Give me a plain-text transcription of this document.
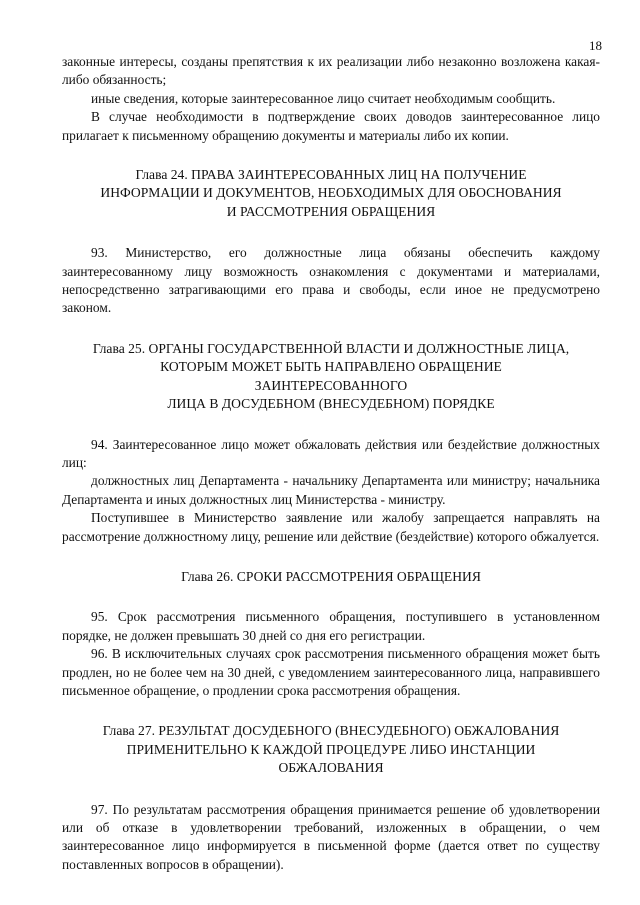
18

законные интересы, созданы препятствия к их реализации либо незаконно возложена какая-либо обязанность;

иные сведения, которые заинтересованное лицо считает необходимым сообщить.

В случае необходимости в подтверждение своих доводов заинтересованное лицо прилагает к письменному обращению документы и материалы либо их копии.

Глава 24. ПРАВА ЗАИНТЕРЕСОВАННЫХ ЛИЦ НА ПОЛУЧЕНИЕ
ИНФОРМАЦИИ И ДОКУМЕНТОВ, НЕОБХОДИМЫХ ДЛЯ ОБОСНОВАНИЯ
И РАССМОТРЕНИЯ ОБРАЩЕНИЯ

93. Министерство, его должностные лица обязаны обеспечить каждому заинтересованному лицу возможность ознакомления с документами и материалами, непосредственно затрагивающими его права и свободы, если иное не предусмотрено законом.

Глава 25. ОРГАНЫ ГОСУДАРСТВЕННОЙ ВЛАСТИ И ДОЛЖНОСТНЫЕ ЛИЦА,
КОТОРЫМ МОЖЕТ БЫТЬ НАПРАВЛЕНО ОБРАЩЕНИЕ
ЗАИНТЕРЕСОВАННОГО
ЛИЦА В ДОСУДЕБНОМ (ВНЕСУДЕБНОМ) ПОРЯДКЕ

94. Заинтересованное лицо может обжаловать действия или бездействие должностных лиц:

должностных лиц Департамента - начальнику Департамента или министру; начальника Департамента и иных должностных лиц Министерства - министру.

Поступившее в Министерство заявление или жалобу запрещается направлять на рассмотрение должностному лицу, решение или действие (бездействие) которого обжалуется.

Глава 26. СРОКИ РАССМОТРЕНИЯ ОБРАЩЕНИЯ

95. Срок рассмотрения письменного обращения, поступившего в установленном порядке, не должен превышать 30 дней со дня его регистрации.

96. В исключительных случаях срок рассмотрения письменного обращения может быть продлен, но не более чем на 30 дней, с уведомлением заинтересованного лица, направившего письменное обращение, о продлении срока рассмотрения обращения.

Глава 27. РЕЗУЛЬТАТ ДОСУДЕБНОГО (ВНЕСУДЕБНОГО) ОБЖАЛОВАНИЯ
ПРИМЕНИТЕЛЬНО К КАЖДОЙ ПРОЦЕДУРЕ ЛИБО ИНСТАНЦИИ
ОБЖАЛОВАНИЯ

97. По результатам рассмотрения обращения принимается решение об удовлетворении или об отказе в удовлетворении требований, изложенных в обращении, о чем заинтересованное лицо информируется в письменной форме (дается ответ по существу поставленных вопросов в обращении).
